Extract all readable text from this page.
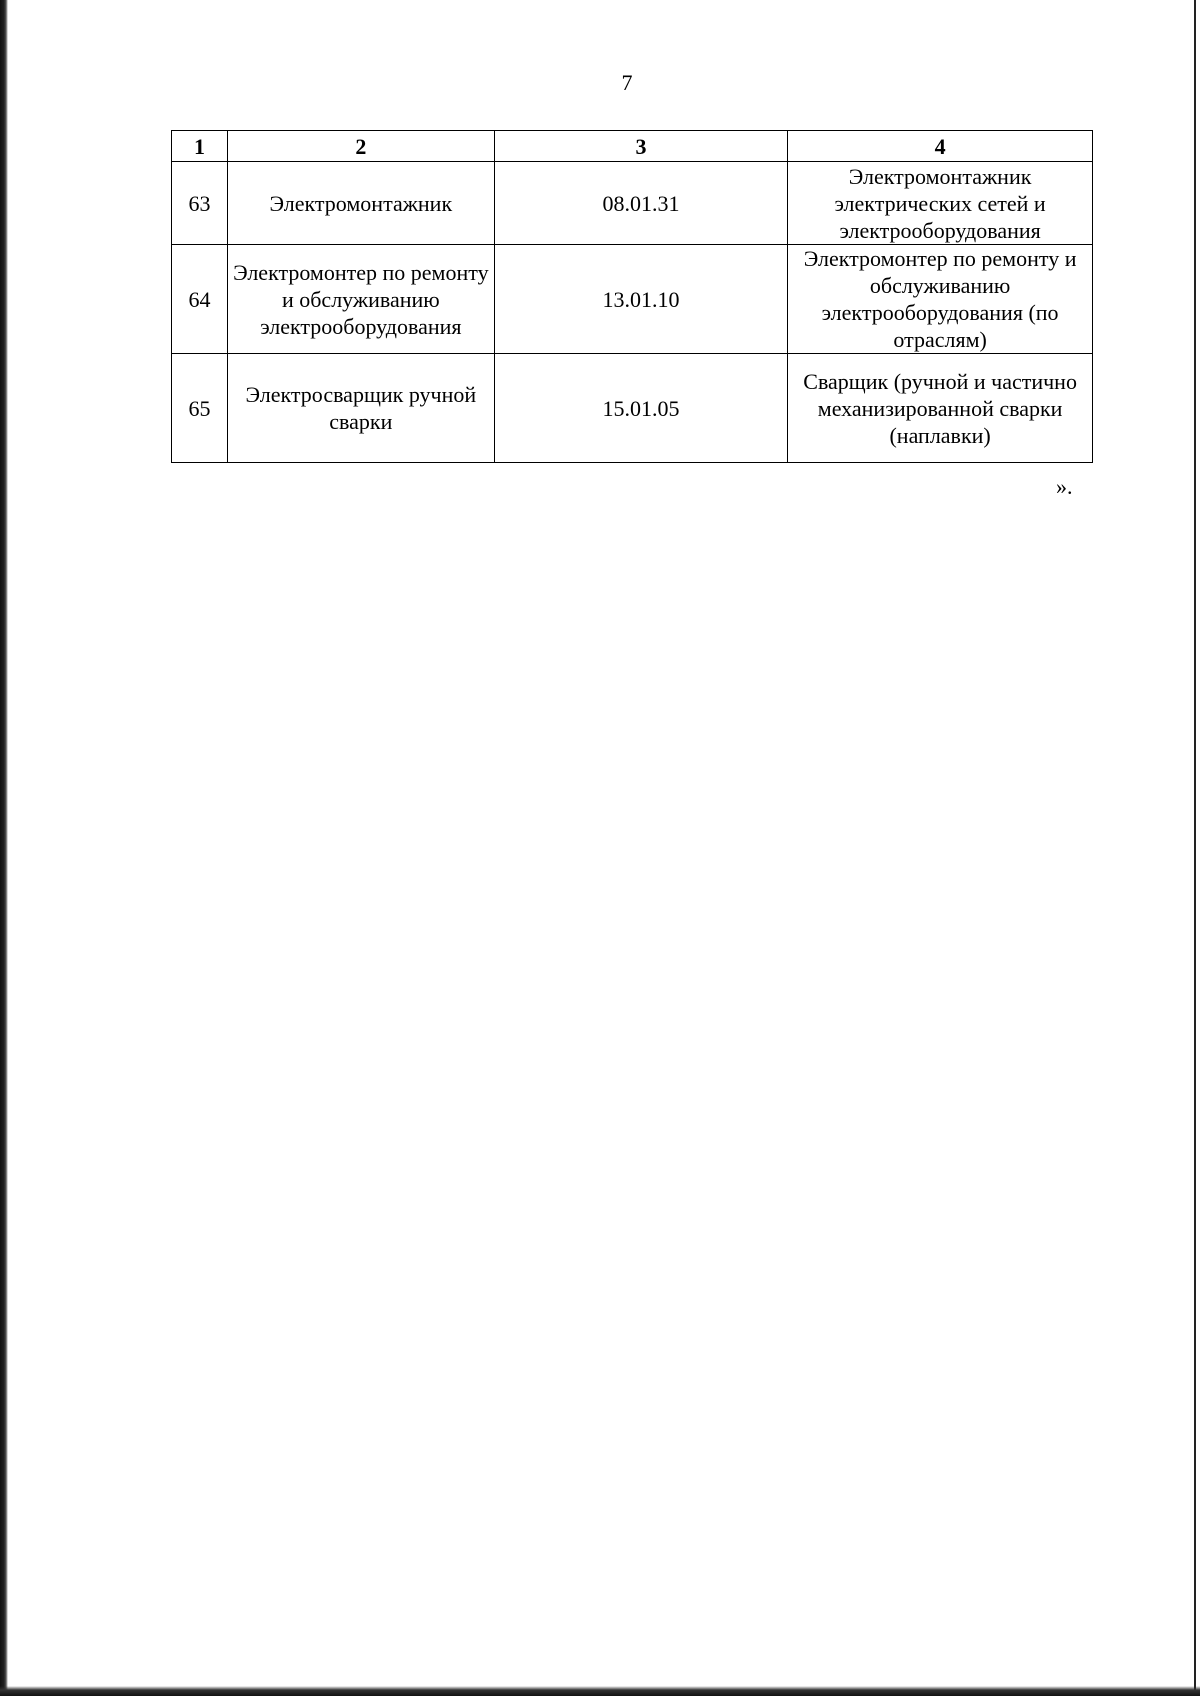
7
1	2	3	4
63	Электромонтажник	08.01.31	Электромонтажник электрических сетей и электрооборудования
64	Электромонтер по ремонту и обслуживанию электрооборудования	13.01.10	Электромонтер по ремонту и обслуживанию электрооборудования (по отраслям)
65	Электросварщик ручной сварки	15.01.05	Сварщик (ручной и частично механизированной сварки (наплавки)
».
